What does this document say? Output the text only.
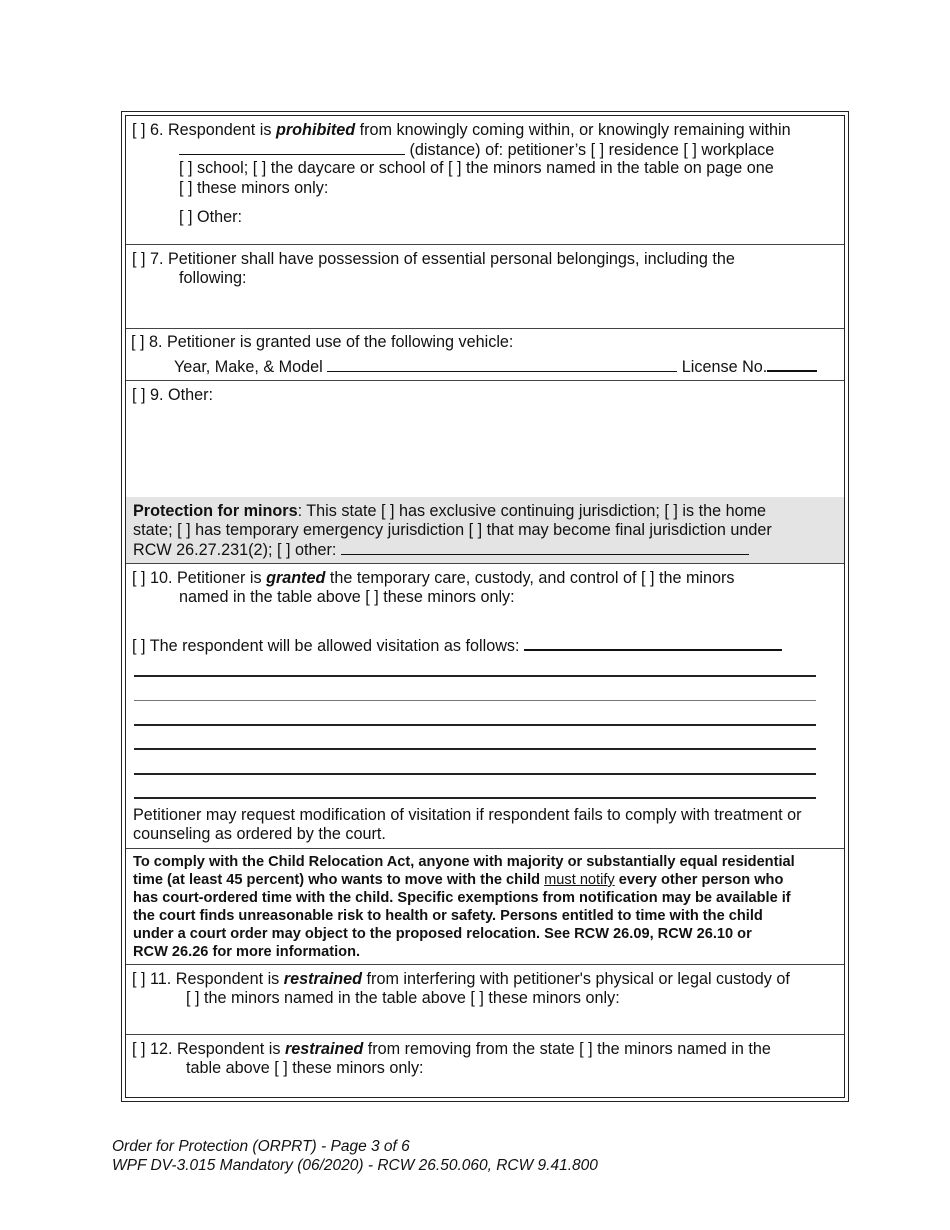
[ ] 6. Respondent is prohibited from knowingly coming within, or knowingly remaining within
(distance) of: petitioner’s [ ] residence [ ] workplace
[ ] school; [ ] the daycare or school of [ ] the minors named in the table on page one
[ ] these minors only:
[ ] Other:
[ ] 7. Petitioner shall have possession of essential personal belongings, including the
following:
[ ] 8. Petitioner is granted use of the following vehicle:
Year, Make, & Model	License No.
[ ] 9. Other:
Protection for minors: This state [ ] has exclusive continuing jurisdiction; [ ] is the home
state; [ ] has temporary emergency jurisdiction [ ] that may become final jurisdiction under
RCW 26.27.231(2); [ ] other:
[ ] 10. Petitioner is granted the temporary care, custody, and control of [ ] the minors
named in the table above [ ] these minors only:
[ ] The respondent will be allowed visitation as follows:
Petitioner may request modification of visitation if respondent fails to comply with treatment or
counseling as ordered by the court.
To comply with the Child Relocation Act, anyone with majority or substantially equal residential
time (at least 45 percent) who wants to move with the child must notify every other person who
has court-ordered time with the child. Specific exemptions from notification may be available if
the court finds unreasonable risk to health or safety. Persons entitled to time with the child
under a court order may object to the proposed relocation. See RCW 26.09, RCW 26.10 or
RCW 26.26 for more information.
[ ] 11. Respondent is restrained from interfering with petitioner's physical or legal custody of
[ ] the minors named in the table above [ ] these minors only:
[ ] 12. Respondent is restrained from removing from the state [ ] the minors named in the
table above [ ] these minors only:
Order for Protection (ORPRT) - Page 3 of 6
WPF DV-3.015 Mandatory (06/2020) - RCW 26.50.060, RCW 9.41.800
